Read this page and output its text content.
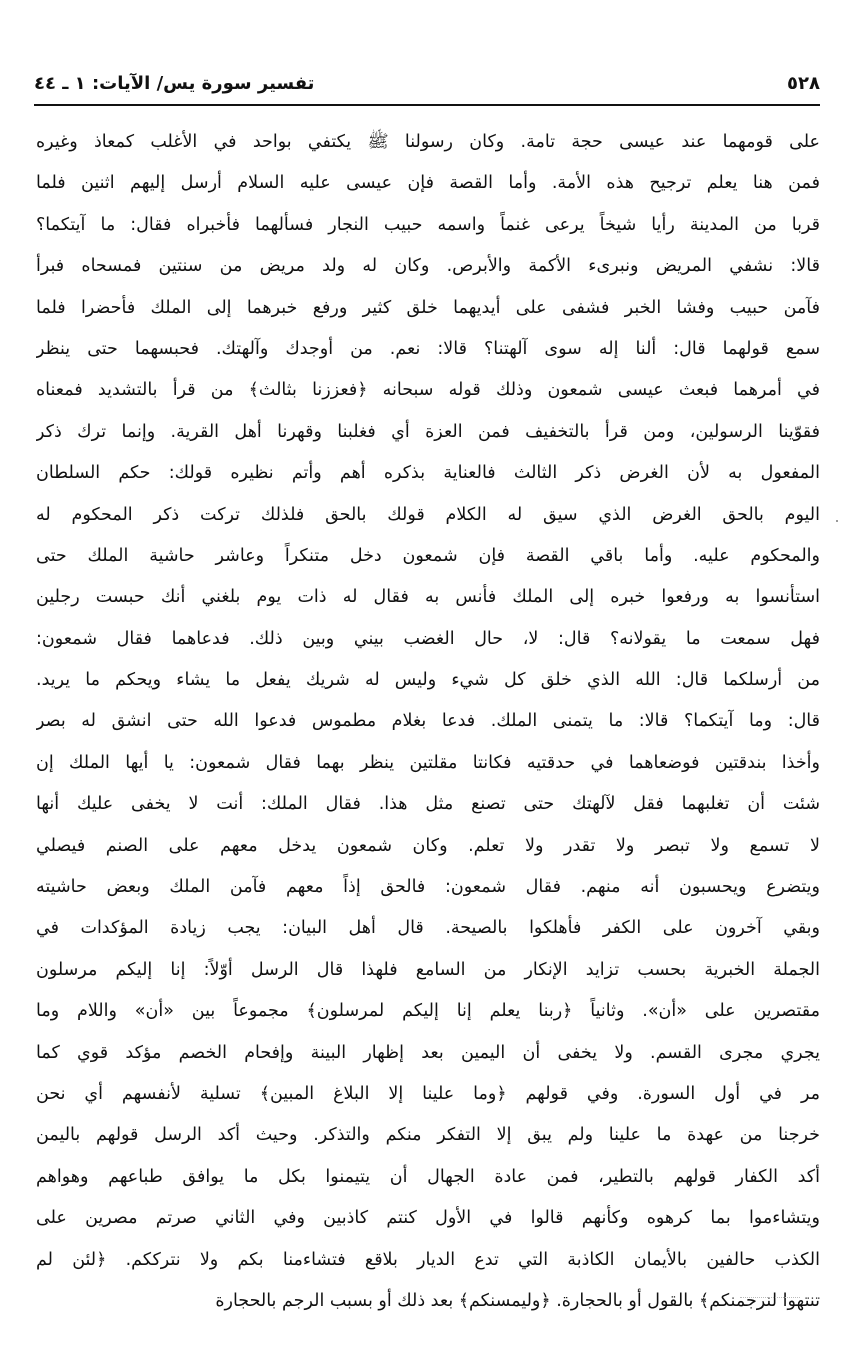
٥٢٨
تفسير سورة يس/ الآيات: ١ ـ ٤٤
على قومهما عند عيسى حجة تامة. وكان رسولنا ﷺ يكتفي بواحد في الأغلب كمعاذ وغيره
فمن هنا يعلم ترجيح هذه الأمة. وأما القصة فإن عيسى عليه السلام أرسل إليهم اثنين فلما
قربا من المدينة رأيا شيخاً يرعى غنماً واسمه حبيب النجار فسألهما فأخبراه فقال: ما آيتكما؟
قالا: نشفي المريض ونبرىء الأكمة والأبرص. وكان له ولد مريض من سنتين فمسحاه فبرأ
فآمن حبيب وفشا الخبر فشفى على أيديهما خلق كثير ورفع خبرهما إلى الملك فأحضرا فلما
سمع قولهما قال: ألنا إله سوى آلهتنا؟ قالا: نعم. من أوجدك وآلهتك. فحبسهما حتى ينظر
في أمرهما فبعث عيسى شمعون وذلك قوله سبحانه ﴿فعززنا بثالث﴾ من قرأ بالتشديد فمعناه
فقوّينا الرسولين، ومن قرأ بالتخفيف فمن العزة أي فغلبنا وقهرنا أهل القرية. وإنما ترك ذكر
المفعول به لأن الغرض ذكر الثالث فالعناية بذكره أهم وأتم نظيره قولك: حكم السلطان
اليوم بالحق الغرض الذي سيق له الكلام قولك بالحق فلذلك تركت ذكر المحكوم له
والمحكوم عليه. وأما باقي القصة فإن شمعون دخل متنكراً وعاشر حاشية الملك حتى
استأنسوا به ورفعوا خبره إلى الملك فأنس به فقال له ذات يوم بلغني أنك حبست رجلين
فهل سمعت ما يقولانه؟ قال: لا، حال الغضب بيني وبين ذلك. فدعاهما فقال شمعون:
من أرسلكما قال: الله الذي خلق كل شيء وليس له شريك يفعل ما يشاء ويحكم ما يريد.
قال: وما آيتكما؟ قالا: ما يتمنى الملك. فدعا بغلام مطموس فدعوا الله حتى انشق له بصر
وأخذا بندقتين فوضعاهما في حدقتيه فكانتا مقلتين ينظر بهما فقال شمعون: يا أيها الملك إن
شئت أن تغلبهما فقل لآلهتك حتى تصنع مثل هذا. فقال الملك: أنت لا يخفى عليك أنها
لا تسمع ولا تبصر ولا تقدر ولا تعلم. وكان شمعون يدخل معهم على الصنم فيصلي
ويتضرع ويحسبون أنه منهم. فقال شمعون: فالحق إذاً معهم فآمن الملك وبعض حاشيته
وبقي آخرون على الكفر فأهلكوا بالصيحة. قال أهل البيان: يجب زيادة المؤكدات في
الجملة الخبرية بحسب تزايد الإنكار من السامع فلهذا قال الرسل أوّلاً: إنا إليكم مرسلون
مقتصرين على «أن». وثانياً ﴿ربنا يعلم إنا إليكم لمرسلون﴾ مجموعاً بين «أن» واللام وما
يجري مجرى القسم. ولا يخفى أن اليمين بعد إظهار البينة وإفحام الخصم مؤكد قوي كما
مر في أول السورة. وفي قولهم ﴿وما علينا إلا البلاغ المبين﴾ تسلية لأنفسهم أي نحن
خرجنا من عهدة ما علينا ولم يبق إلا التفكر منكم والتذكر. وحيث أكد الرسل قولهم باليمن
أكد الكفار قولهم بالتطير، فمن عادة الجهال أن يتيمنوا بكل ما يوافق طباعهم وهواهم
ويتشاءموا بما كرهوه وكأنهم قالوا في الأول كنتم كاذبين وفي الثاني صرتم مصرين على
الكذب حالفين بالأيمان الكاذبة التي تدع الديار بلاقع فتشاءمنا بكم ولا نترككم. ﴿لئن لم
تنتهوا لنرجمنكم﴾ بالقول أو بالحجارة. ﴿وليمسنكم﴾ بعد ذلك أو بسبب الرجم بالحجارة
